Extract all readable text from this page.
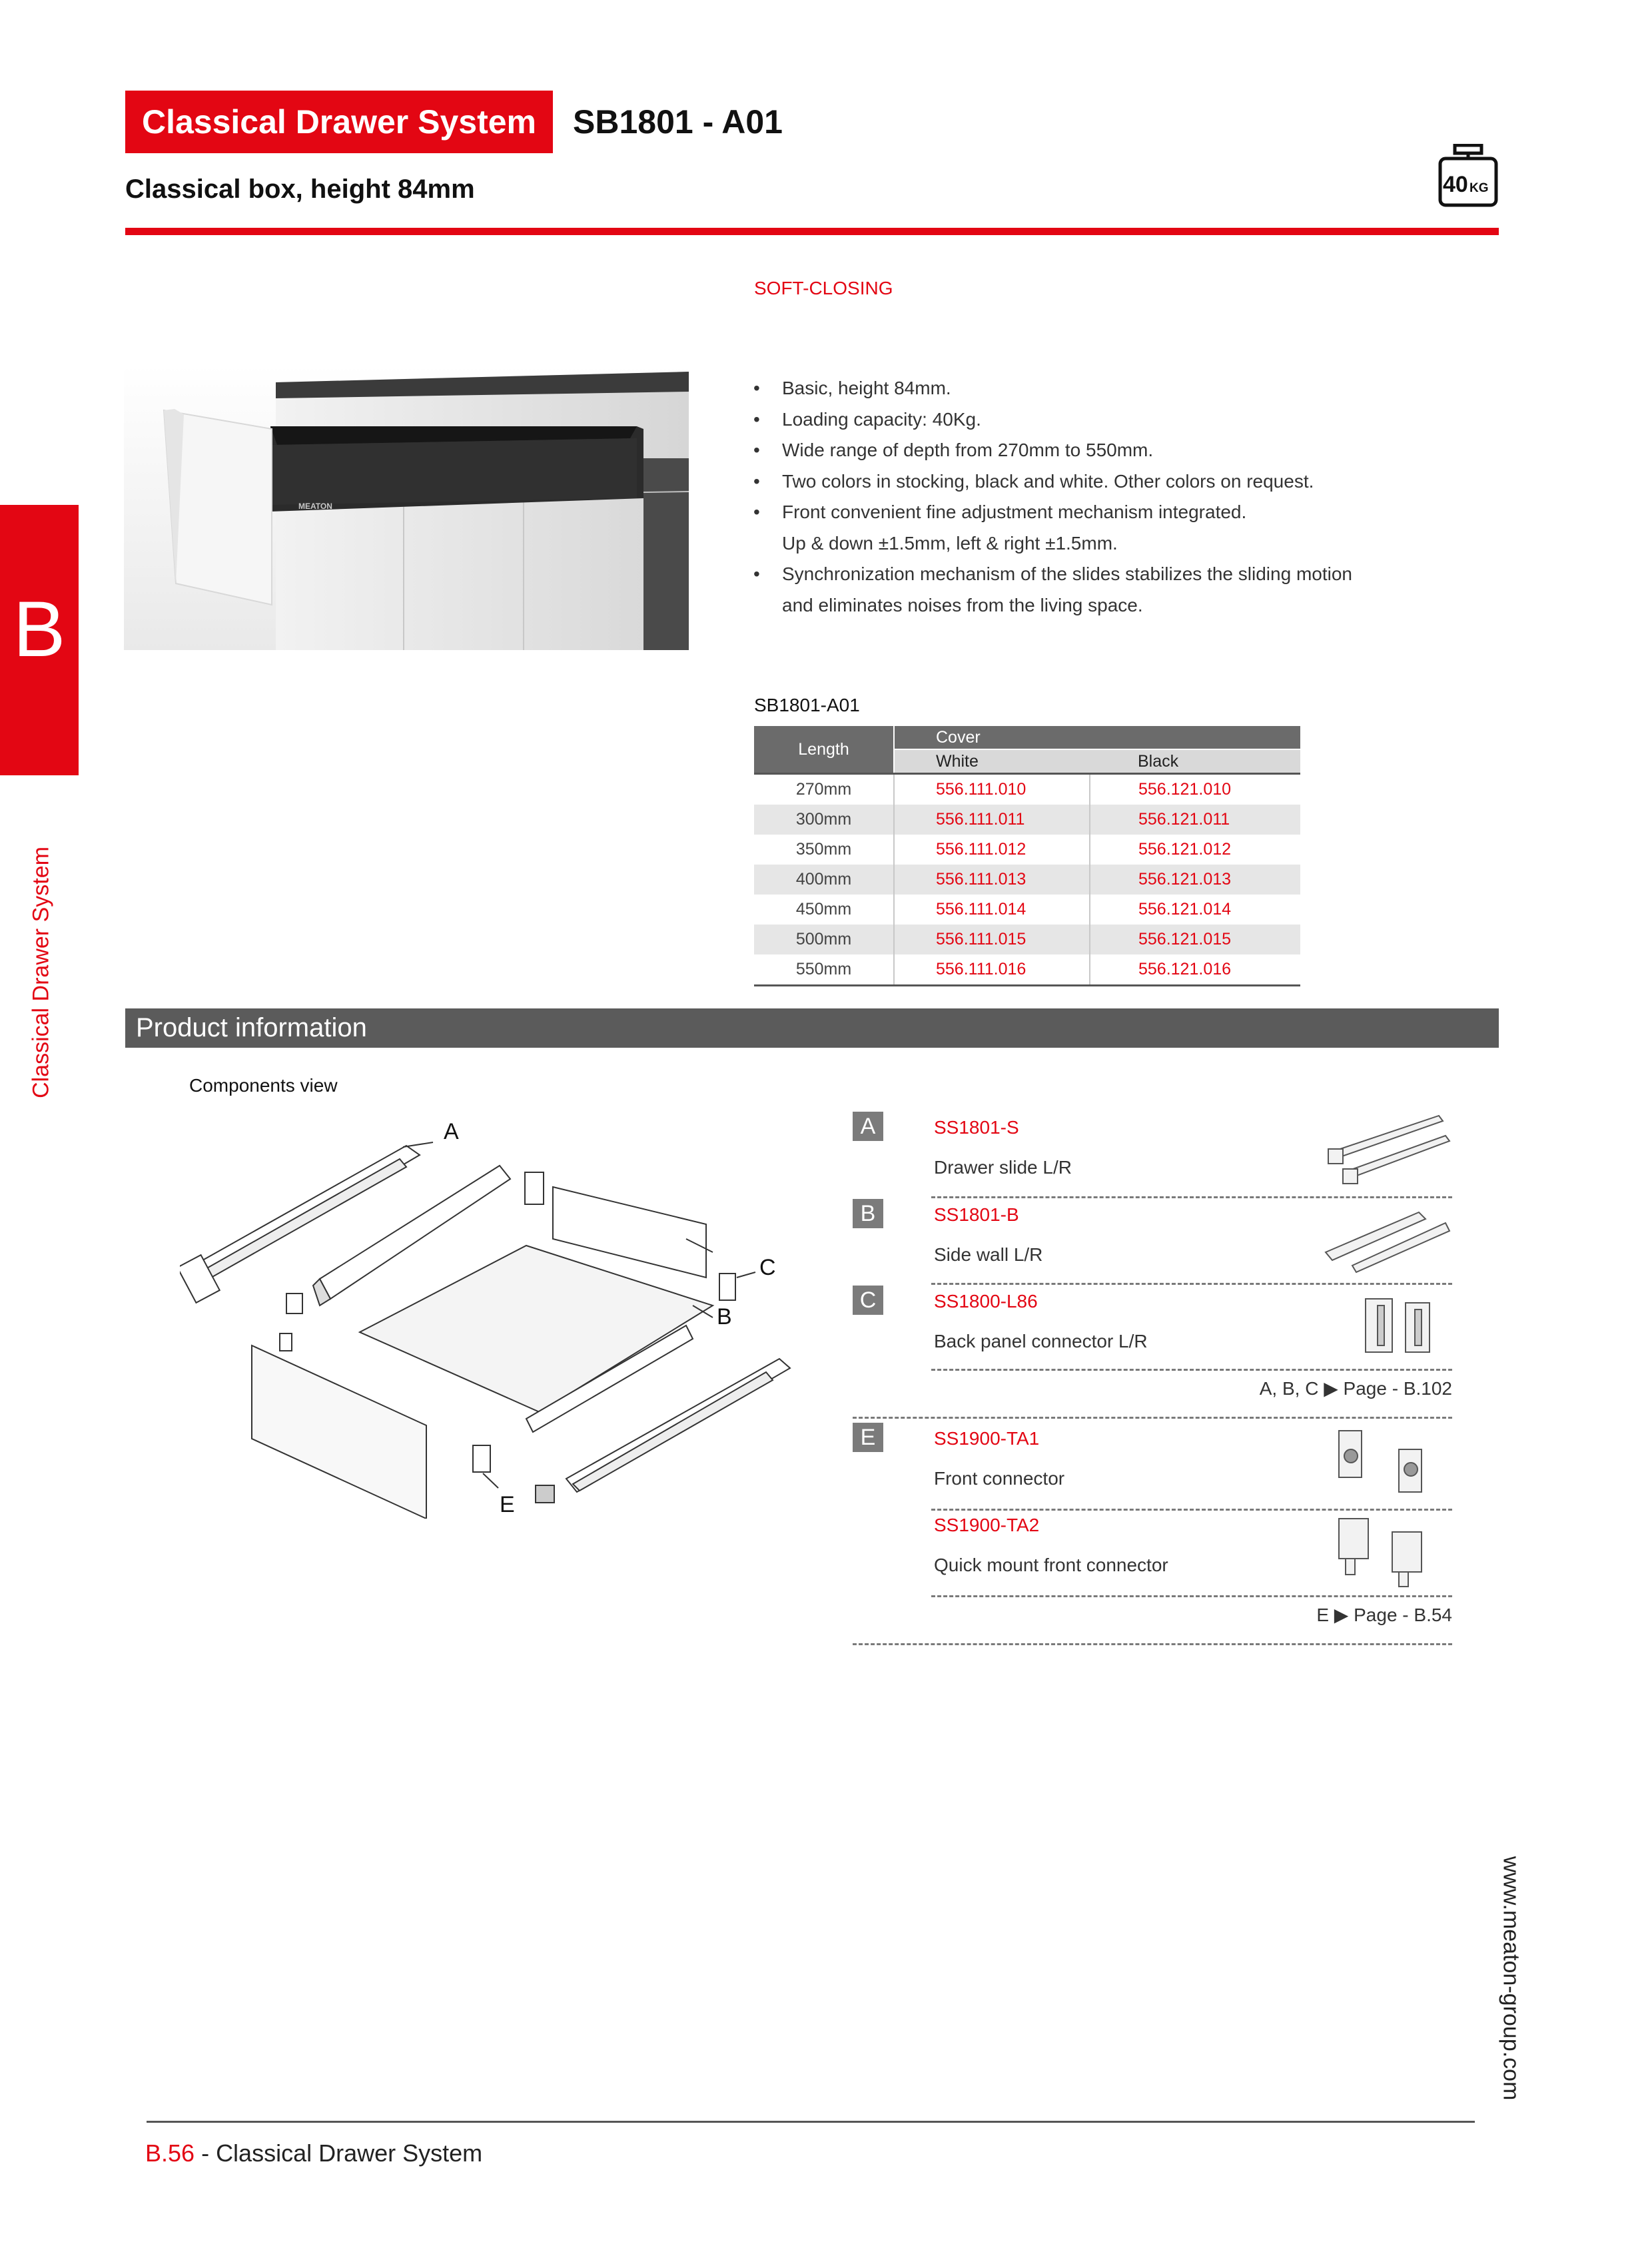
Classical Drawer System	SB1801 - A01
Classical box, height 84mm	40 KG
B
Classical Drawer System
MEATON
SOFT-CLOSING
• Basic, height 84mm.
• Loading capacity: 40Kg.
• Wide range of depth from 270mm to 550mm.
• Two colors in stocking, black and white. Other colors on request.
• Front convenient fine adjustment mechanism integrated.
Up & down ±1.5mm, left & right ±1.5mm.
• Synchronization mechanism of the slides stabilizes the sliding motion
and eliminates noises from the living space.
SB1801-A01
Length	Cover	
	White	Black
270mm	556.111.010	556.121.010
300mm	556.111.011	556.121.011
350mm	556.111.012	556.121.012
400mm	556.111.013	556.121.013
450mm	556.111.014	556.121.014
500mm	556.111.015	556.121.015
550mm	556.111.016	556.121.016
Product information
Components view
A
B
C
E
A	SS1801-S
Drawer slide L/R
B	SS1801-B
Side wall L/R
C	SS1800-L86
Back panel connector L/R
A, B, C ▶ Page - B.102
E	SS1900-TA1
Front connector
SS1900-TA2
Quick mount front connector
E ▶ Page - B.54
www.meaton-group.com
B.56 - Classical Drawer System
